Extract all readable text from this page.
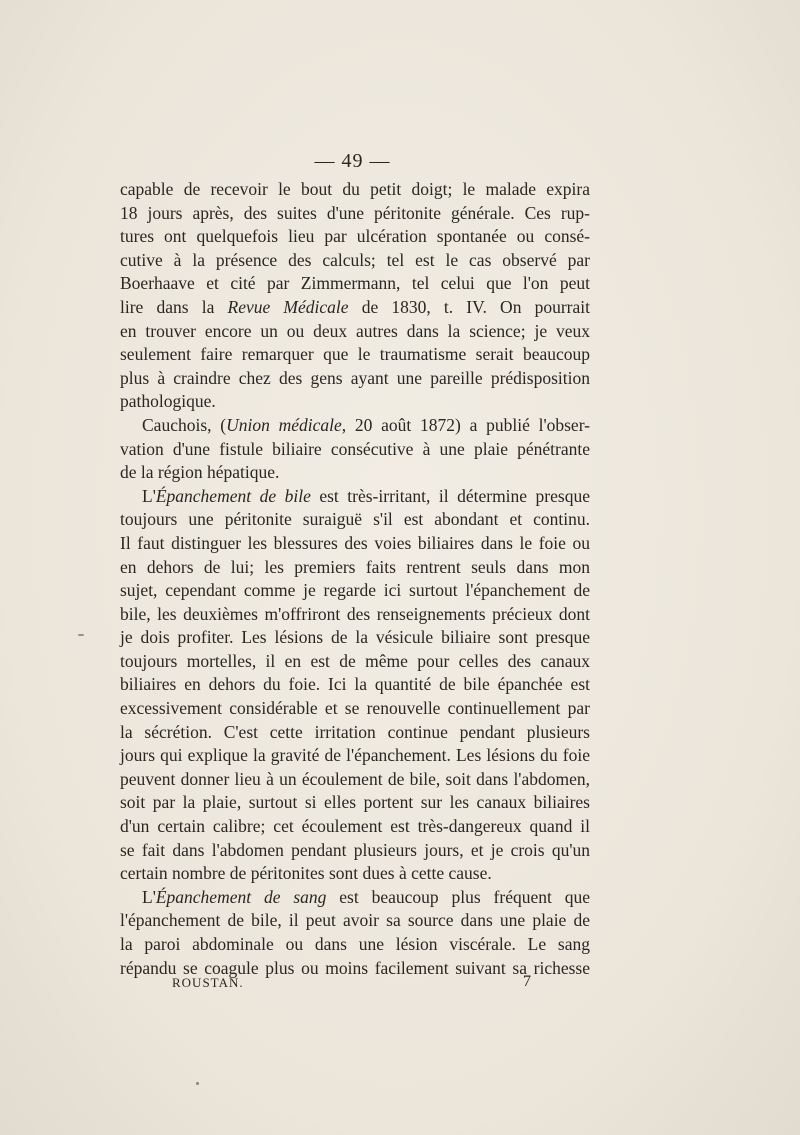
— 49 —
capable de recevoir le bout du petit doigt; le malade expira
18 jours après, des suites d'une péritonite générale. Ces rup-
tures ont quelquefois lieu par ulcération spontanée ou consé-
cutive à la présence des calculs; tel est le cas observé par
Boerhaave et cité par Zimmermann, tel celui que l'on peut
lire dans la Revue Médicale de 1830, t. IV. On pourrait
en trouver encore un ou deux autres dans la science; je veux
seulement faire remarquer que le traumatisme serait beaucoup
plus à craindre chez des gens ayant une pareille prédisposition
pathologique.
Cauchois, (Union médicale, 20 août 1872) a publié l'obser-
vation d'une fistule biliaire consécutive à une plaie pénétrante
de la région hépatique.
L'Épanchement de bile est très-irritant, il détermine presque
toujours une péritonite suraiguë s'il est abondant et continu.
Il faut distinguer les blessures des voies biliaires dans le foie ou
en dehors de lui; les premiers faits rentrent seuls dans mon
sujet, cependant comme je regarde ici surtout l'épanchement de
bile, les deuxièmes m'offriront des renseignements précieux dont
je dois profiter. Les lésions de la vésicule biliaire sont presque
toujours mortelles, il en est de même pour celles des canaux
biliaires en dehors du foie. Ici la quantité de bile épanchée est
excessivement considérable et se renouvelle continuellement par
la sécrétion. C'est cette irritation continue pendant plusieurs
jours qui explique la gravité de l'épanchement. Les lésions du foie
peuvent donner lieu à un écoulement de bile, soit dans l'abdomen,
soit par la plaie, surtout si elles portent sur les canaux biliaires
d'un certain calibre; cet écoulement est très-dangereux quand il
se fait dans l'abdomen pendant plusieurs jours, et je crois qu'un
certain nombre de péritonites sont dues à cette cause.
L'Épanchement de sang est beaucoup plus fréquent que
l'épanchement de bile, il peut avoir sa source dans une plaie de
la paroi abdominale ou dans une lésion viscérale. Le sang
répandu se coagule plus ou moins facilement suivant sa richesse
ROUSTAN.	7
